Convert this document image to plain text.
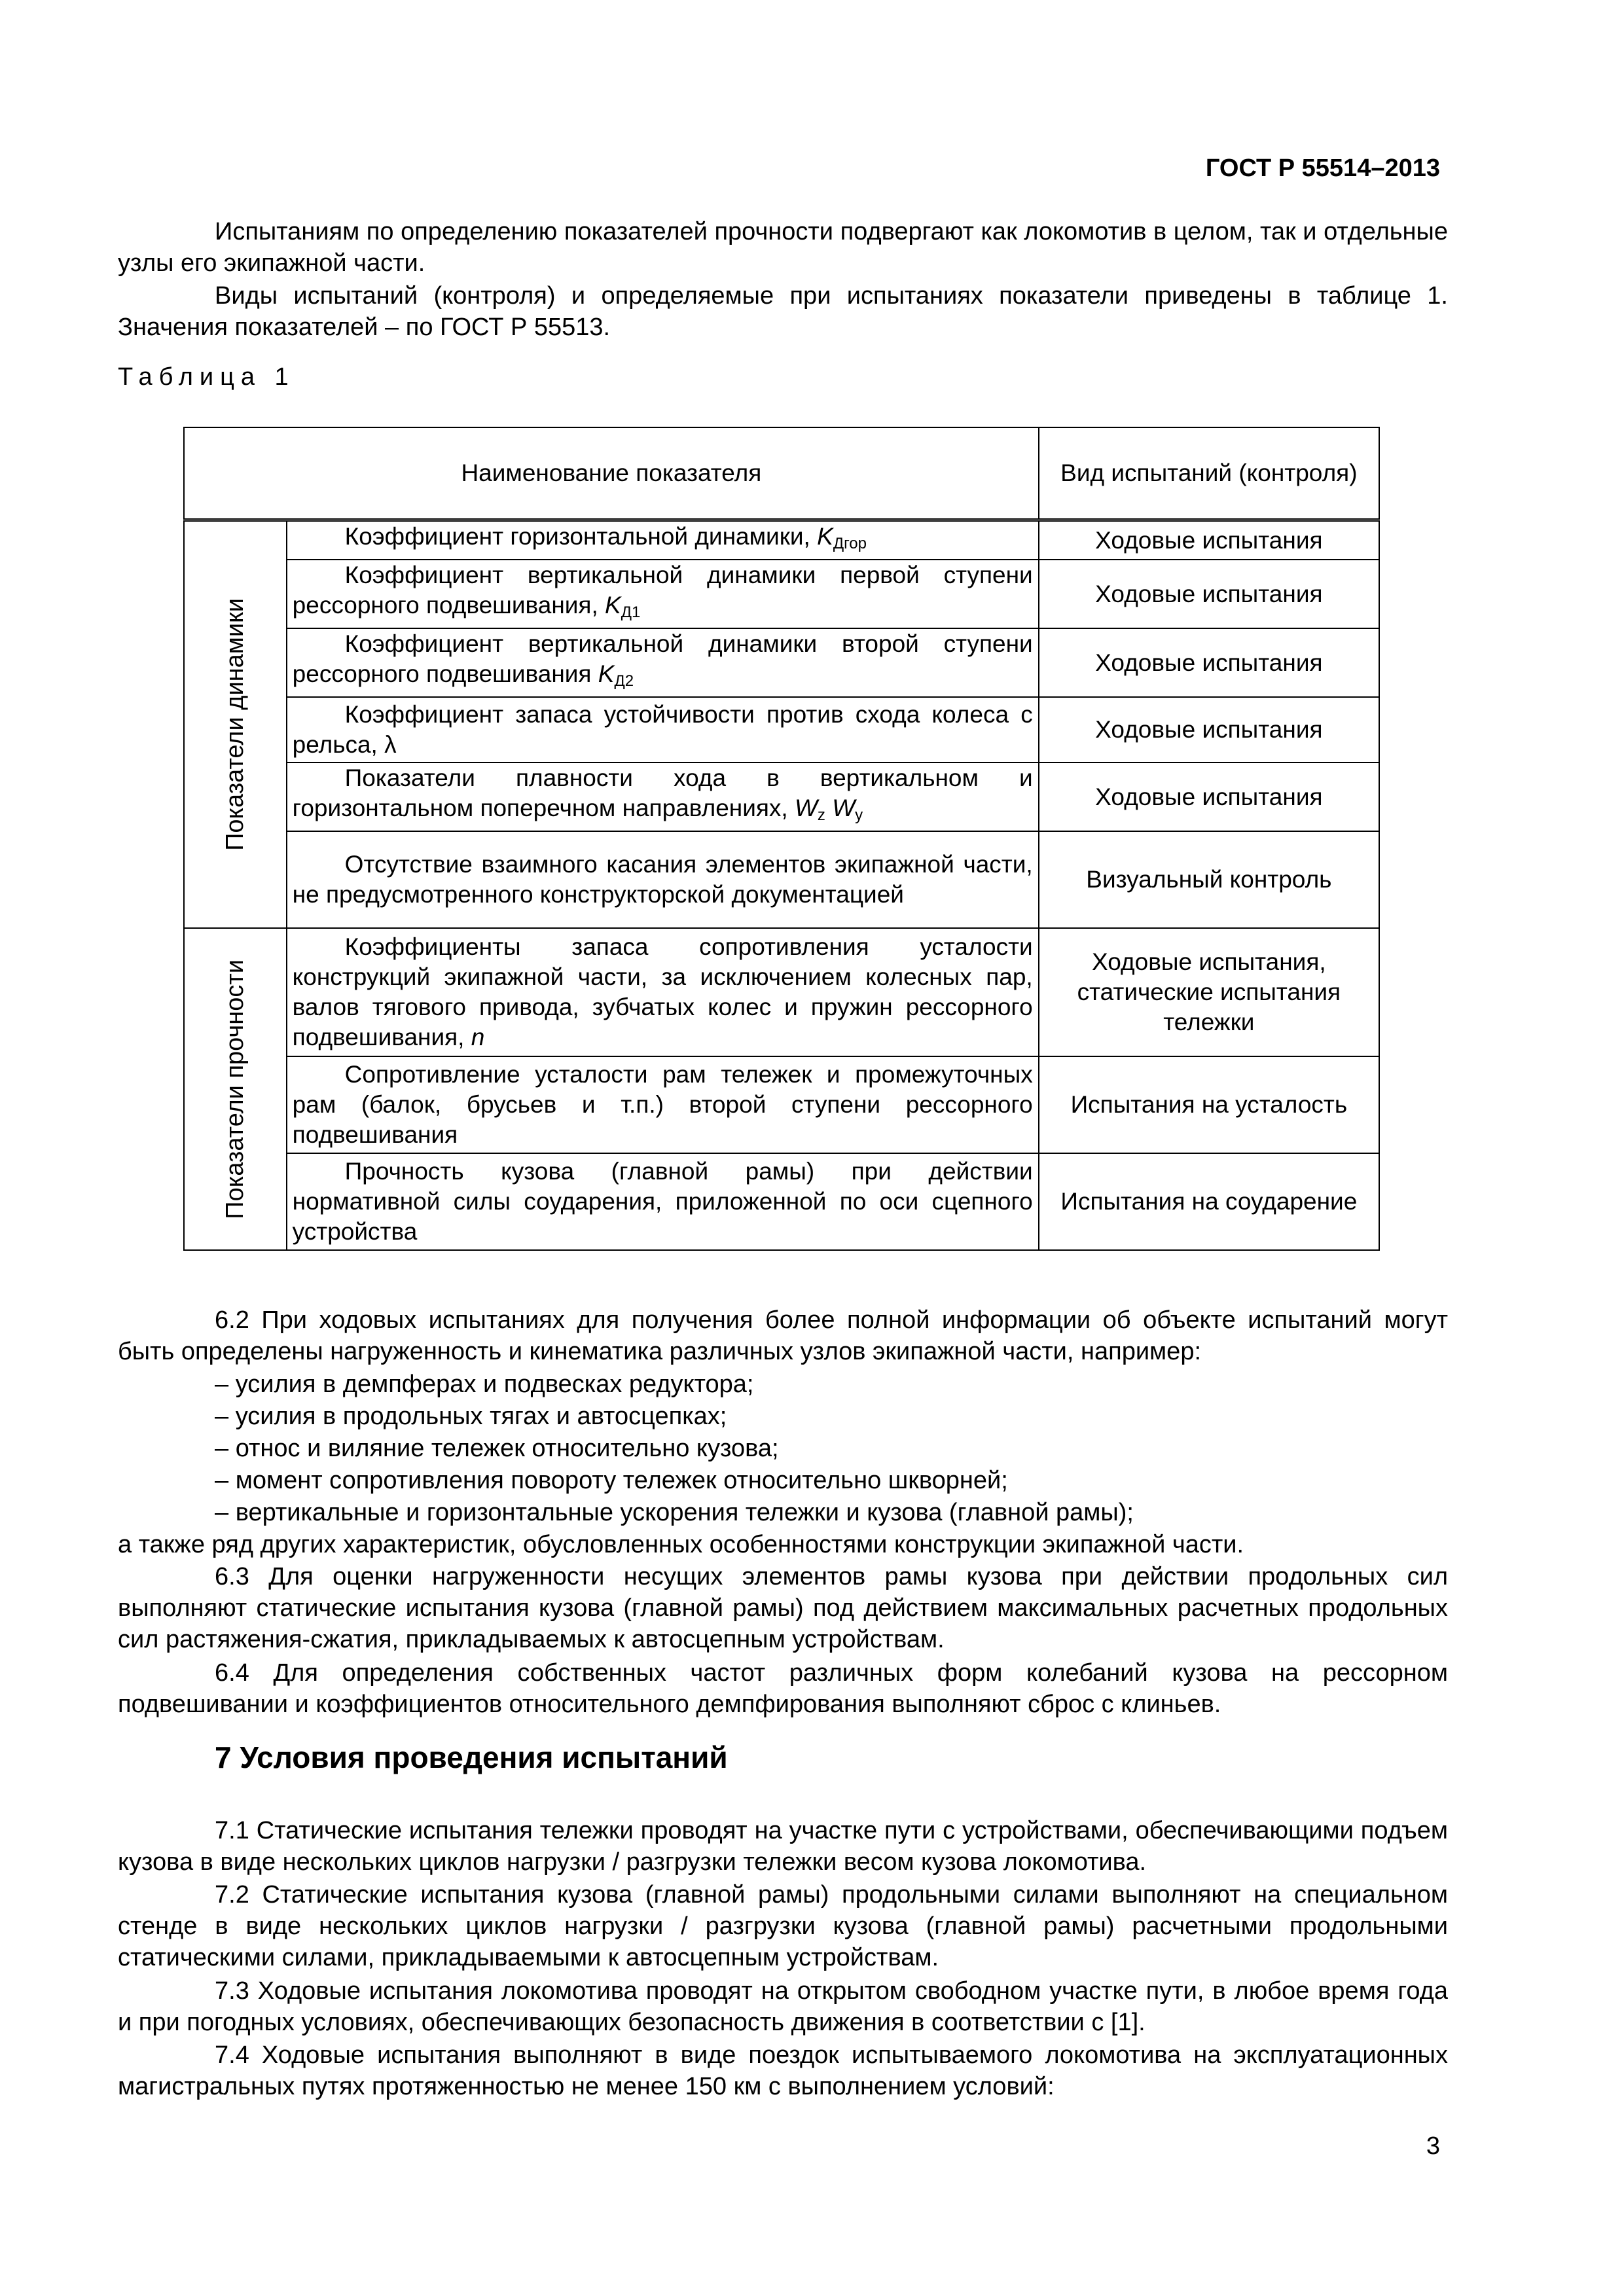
ГОСТ Р 55514–2013
Испытаниям по определению показателей прочности подвергают как локомотив в целом, так и отдельные узлы его экипажной части.
Виды испытаний (контроля) и определяемые при испытаниях показатели приведены в таблице 1. Значения показателей – по ГОСТ Р 55513.
Таблица 1
Наименование показателя		Вид испытаний (контроля)

Показатели динамики	Коэффициент горизонтальной динамики, $K_{Дгор}$	Ходовые испытания
	Коэффициент вертикальной динамики первой ступени рессорного подвешивания, $K_{Д1}$	Ходовые испытания
	Коэффициент вертикальной динамики второй ступени рессорного подвешивания $K_{Д2}$	Ходовые испытания
	Коэффициент запаса устойчивости против схода колеса с рельса, λ	Ходовые испытания
	Показатели плавности хода в вертикальном и горизонтальном поперечном направлениях, $W_z$ $W_y$	Ходовые испытания
	Отсутствие взаимного касания элементов экипажной части, не предусмотренного конструкторской документацией	Визуальный контроль

Показатели прочности	Коэффициенты запаса сопротивления усталости конструкций экипажной части, за исключением колесных пар, валов тягового привода, зубчатых колес и пружин рессорного подвешивания, n	Ходовые испытания, статические испытания тележки
	Сопротивление усталости рам тележек и промежуточных рам (балок, брусьев и т.п.) второй ступени рессорного подвешивания	Испытания на усталость
	Прочность кузова (главной рамы) при действии нормативной силы соударения, приложенной по оси сцепного устройства	Испытания на соударение
6.2 При ходовых испытаниях для получения более полной информации об объекте испытаний могут быть определены нагруженность и кинематика различных узлов экипажной части, например:
– усилия в демпферах и подвесках редуктора;
– усилия в продольных тягах и автосцепках;
– относ и виляние тележек относительно кузова;
– момент сопротивления повороту тележек относительно шкворней;
– вертикальные и горизонтальные ускорения тележки и кузова (главной рамы);
а также ряд других характеристик, обусловленных особенностями конструкции экипажной части.
6.3 Для оценки нагруженности несущих элементов рамы кузова при действии продольных сил выполняют статические испытания кузова (главной рамы) под действием максимальных расчетных продольных сил растяжения-сжатия, прикладываемых к автосцепным устройствам.
6.4 Для определения собственных частот различных форм колебаний кузова на рессорном подвешивании и коэффициентов относительного демпфирования выполняют сброс с клиньев.
7 Условия проведения испытаний
7.1 Статические испытания тележки проводят на участке пути с устройствами, обеспечивающими подъем кузова в виде нескольких циклов нагрузки / разгрузки тележки весом кузова локомотива.
7.2 Статические испытания кузова (главной рамы) продольными силами выполняют на специальном стенде в виде нескольких циклов нагрузки / разгрузки кузова (главной рамы) расчетными продольными статическими силами, прикладываемыми к автосцепным устройствам.
7.3 Ходовые испытания локомотива проводят на открытом свободном участке пути, в любое время года и при погодных условиях, обеспечивающих безопасность движения в соответствии с [1].
7.4 Ходовые испытания выполняют в виде поездок испытываемого локомотива на эксплуатационных магистральных путях протяженностью не менее 150 км с выполнением условий:
3
